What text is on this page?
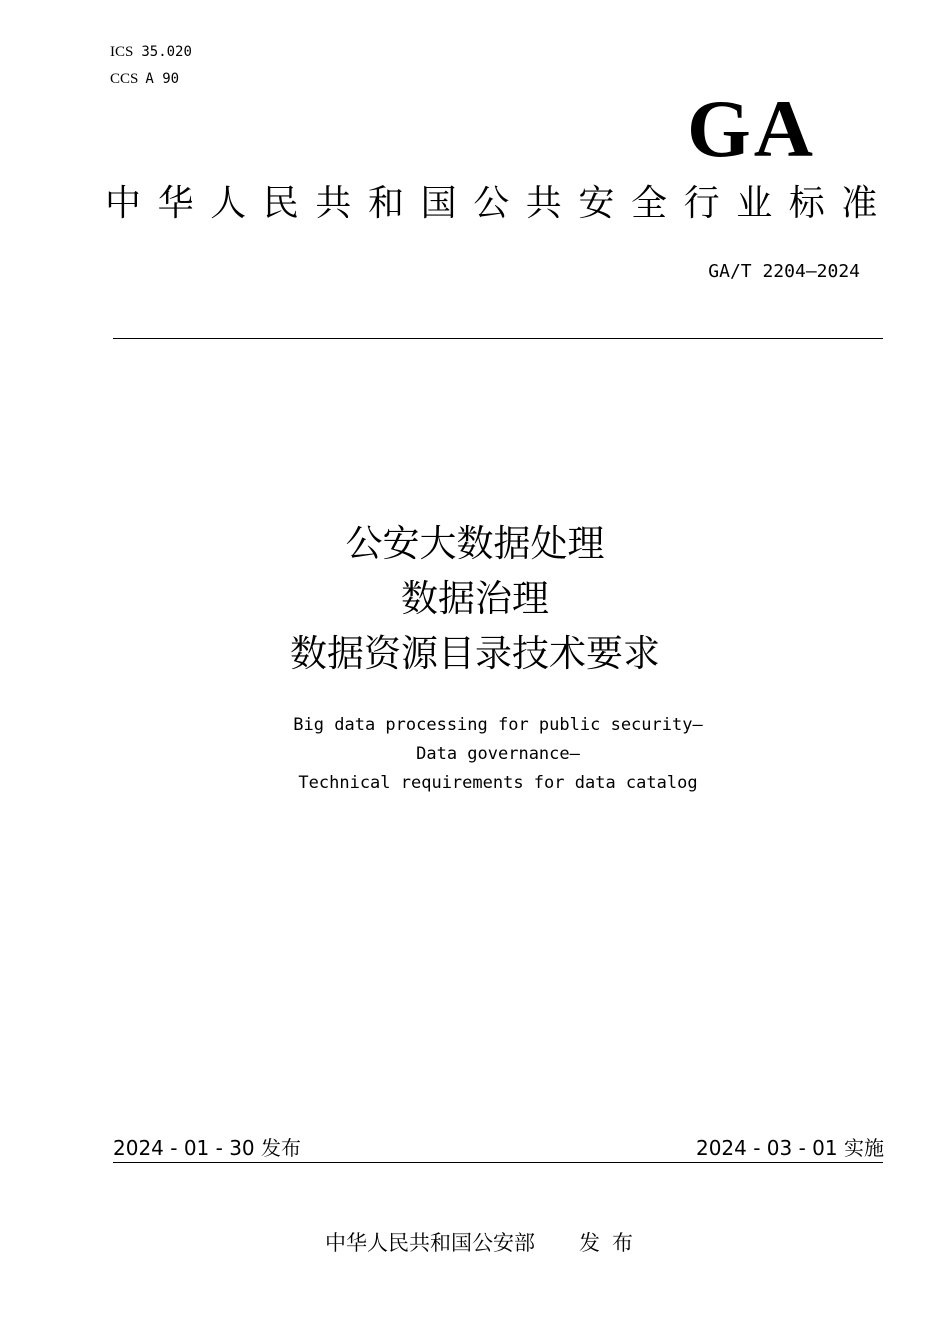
ICS 35.020
CCS A 90
GA
中华人民共和国公共安全行业标准
GA/T 2204—2024
公安大数据处理
数据治理
数据资源目录技术要求
Big data processing for public security—
Data governance—
Technical requirements for data catalog
2024 - 01 - 30 发布	2024 - 03 - 01 实施
中华人民共和国公安部 发布
